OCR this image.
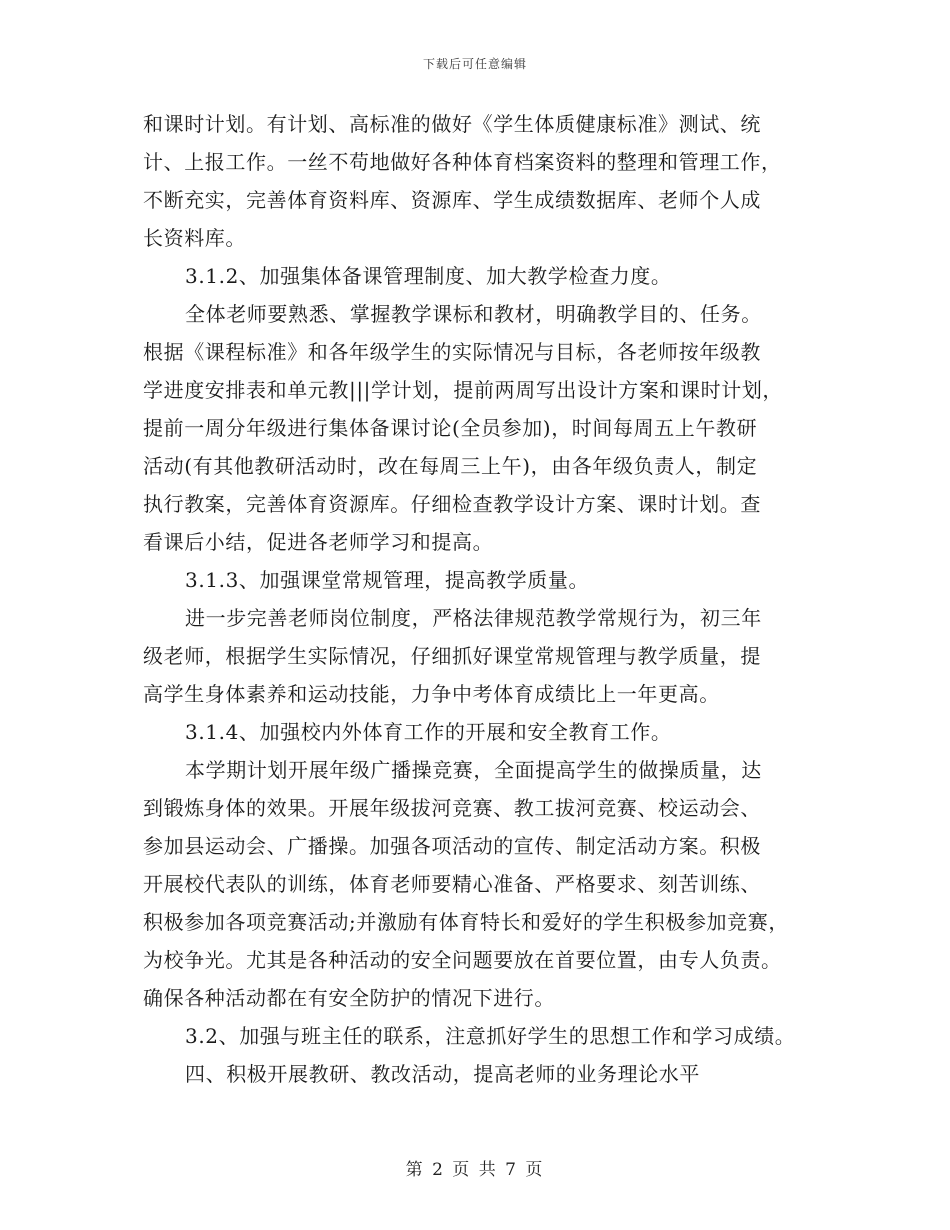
下载后可任意编辑
和课时计划。有计划、高标准的做好《学生体质健康标准》测试、统
计、上报工作。一丝不苟地做好各种体育档案资料的整理和管理工作，
不断充实，完善体育资料库、资源库、学生成绩数据库、老师个人成
长资料库。
3.1.2、加强集体备课管理制度、加大教学检查力度。
全体老师要熟悉、掌握教学课标和教材，明确教学目的、任务。
根据《课程标准》和各年级学生的实际情况与目标，各老师按年级教
学进度安排表和单元教|||学计划，提前两周写出设计方案和课时计划，
提前一周分年级进行集体备课讨论(全员参加)，时间每周五上午教研
活动(有其他教研活动时，改在每周三上午)，由各年级负责人，制定
执行教案，完善体育资源库。仔细检查教学设计方案、课时计划。查
看课后小结，促进各老师学习和提高。
3.1.3、加强课堂常规管理，提高教学质量。
进一步完善老师岗位制度，严格法律规范教学常规行为，初三年
级老师，根据学生实际情况，仔细抓好课堂常规管理与教学质量，提
高学生身体素养和运动技能，力争中考体育成绩比上一年更高。
3.1.4、加强校内外体育工作的开展和安全教育工作。
本学期计划开展年级广播操竞赛，全面提高学生的做操质量，达
到锻炼身体的效果。开展年级拔河竞赛、教工拔河竞赛、校运动会、
参加县运动会、广播操。加强各项活动的宣传、制定活动方案。积极
开展校代表队的训练，体育老师要精心准备、严格要求、刻苦训练、
积极参加各项竞赛活动;并激励有体育特长和爱好的学生积极参加竞赛，
为校争光。尤其是各种活动的安全问题要放在首要位置，由专人负责。
确保各种活动都在有安全防护的情况下进行。
3.2、加强与班主任的联系，注意抓好学生的思想工作和学习成绩。
四、积极开展教研、教改活动，提高老师的业务理论水平
第 2 页 共 7 页
